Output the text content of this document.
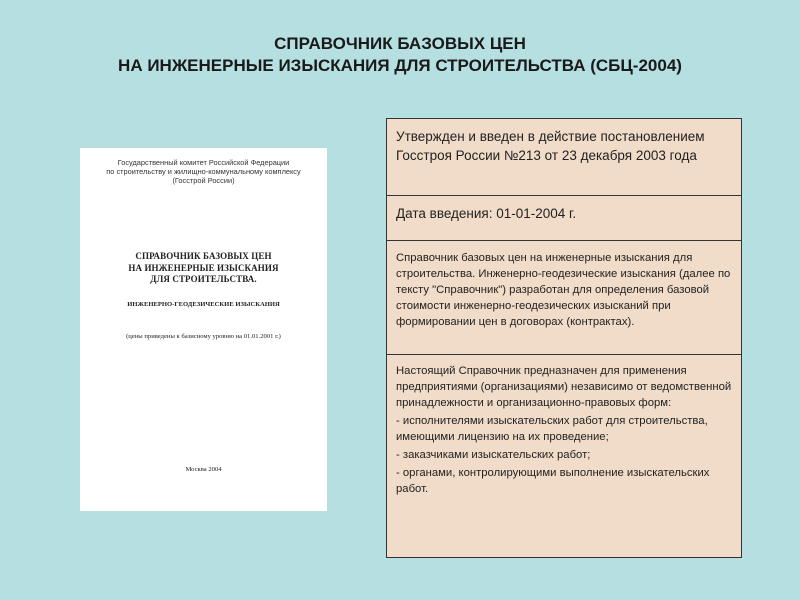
СПРАВОЧНИК БАЗОВЫХ ЦЕН
НА ИНЖЕНЕРНЫЕ ИЗЫСКАНИЯ ДЛЯ СТРОИТЕЛЬСТВА (СБЦ-2004)
Государственный комитет Российской Федерации
по строительству и жилищно-коммунальному комплексу
(Госстрой России)
СПРАВОЧНИК БАЗОВЫХ ЦЕН
НА ИНЖЕНЕРНЫЕ ИЗЫСКАНИЯ
ДЛЯ СТРОИТЕЛЬСТВА.
ИНЖЕНЕРНО-ГЕОДЕЗИЧЕСКИЕ ИЗЫСКАНИЯ
(цены приведены к базисному уровню на 01.01.2001 г.)
Москва 2004
Утвержден и введен в действие постановлением Госстроя России №213 от 23 декабря 2003 года
Дата введения: 01-01-2004 г.
Справочник базовых цен на инженерные изыскания для строительства. Инженерно-геодезические изыскания (далее по тексту "Справочник") разработан для определения базовой стоимости инженерно-геодезических изысканий при формировании цен в договорах (контрактах).
Настоящий Справочник предназначен для применения предприятиями (организациями) независимо от ведомственной принадлежности и организационно-правовых форм:
- исполнителями изыскательских работ для строительства, имеющими лицензию на их проведение;
- заказчиками изыскательских работ;
- органами, контролирующими выполнение изыскательских работ.
